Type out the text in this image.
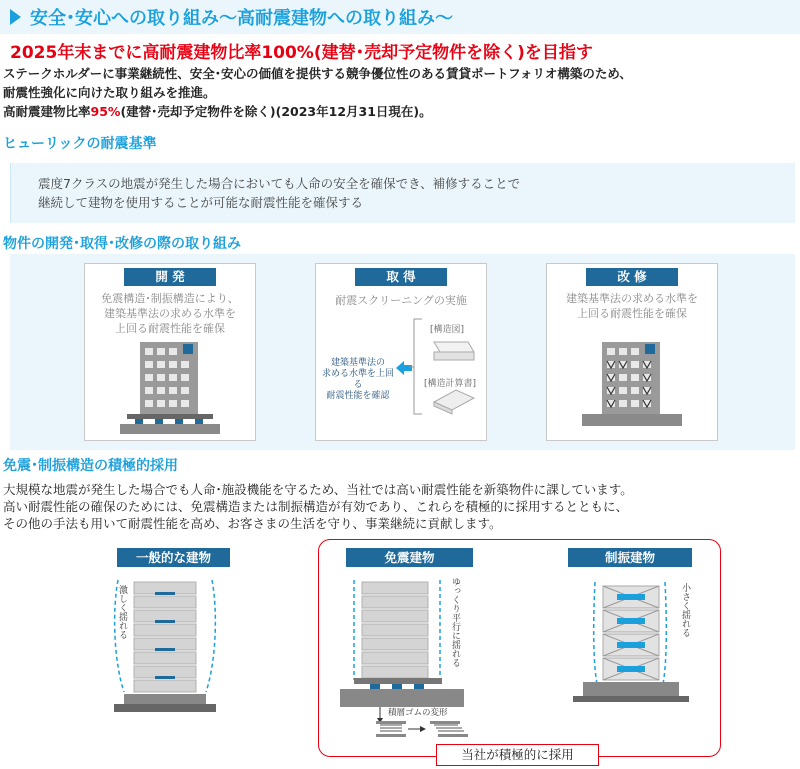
安全･安心への取り組み〜高耐震建物への取り組み〜
2025年末までに高耐震建物比率100%(建替･売却予定物件を除く)を目指す
ステークホルダーに事業継続性、安全･安心の価値を提供する競争優位性のある賃貸ポートフォリオ構築のため、
耐震性強化に向けた取り組みを推進。
高耐震建物比率95%(建替･売却予定物件を除く)(2023年12月31日現在)。
ヒューリックの耐震基準

震度7クラスの地震が発生した場合においても人命の安全を確保でき、補修することで

継続して建物を使用することが可能な耐震性能を確保する

物件の開発･取得･改修の際の取り組み
開 発
免震構造･制振構造により、
建築基準法の求める水準を
上回る耐震性能を確保
取 得
耐震スクリーニングの実施
建築基準法の
求める水準を上回る
耐震性能を確認
[構造図]
[構造計算書]
改 修
建築基準法の求める水準を
上回る耐震性能を確保
免震･制振構造の積極的採用
大規模な地震が発生した場合でも人命･施設機能を守るため、当社では高い耐震性能を新築物件に課しています。
高い耐震性能の確保のためには、免震構造または制振構造が有効であり、これらを積極的に採用するとともに、
その他の手法も用いて耐震性能を高め、お客さまの生活を守り、事業継続に貢献します。
一般的な建物
激しく揺れる
免震建物
ゆっくり平行に揺れる
積層ゴムの変形
制振建物
小さく揺れる
当社が積極的に採用
